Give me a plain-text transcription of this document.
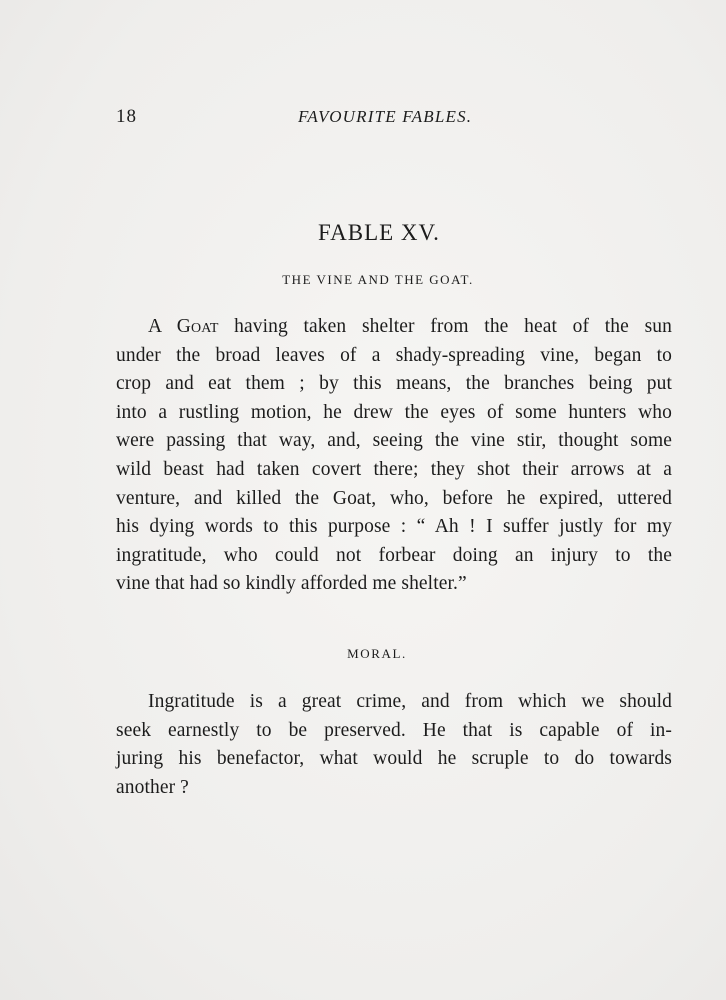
18	FAVOURITE FABLES.
FABLE XV.
THE VINE AND THE GOAT.
A Goat having taken shelter from the heat of the sun
under the broad leaves of a shady-spreading vine, began to
crop and eat them ; by this means, the branches being put
into a rustling motion, he drew the eyes of some hunters who
were passing that way, and, seeing the vine stir, thought some
wild beast had taken covert there; they shot their arrows at a
venture, and killed the Goat, who, before he expired, uttered
his dying words to this purpose : “ Ah ! I suffer justly for my
ingratitude, who could not forbear doing an injury to the
vine that had so kindly afforded me shelter.”
MORAL.
Ingratitude is a great crime, and from which we should
seek earnestly to be preserved. He that is capable of in-
juring his benefactor, what would he scruple to do towards
another ?
